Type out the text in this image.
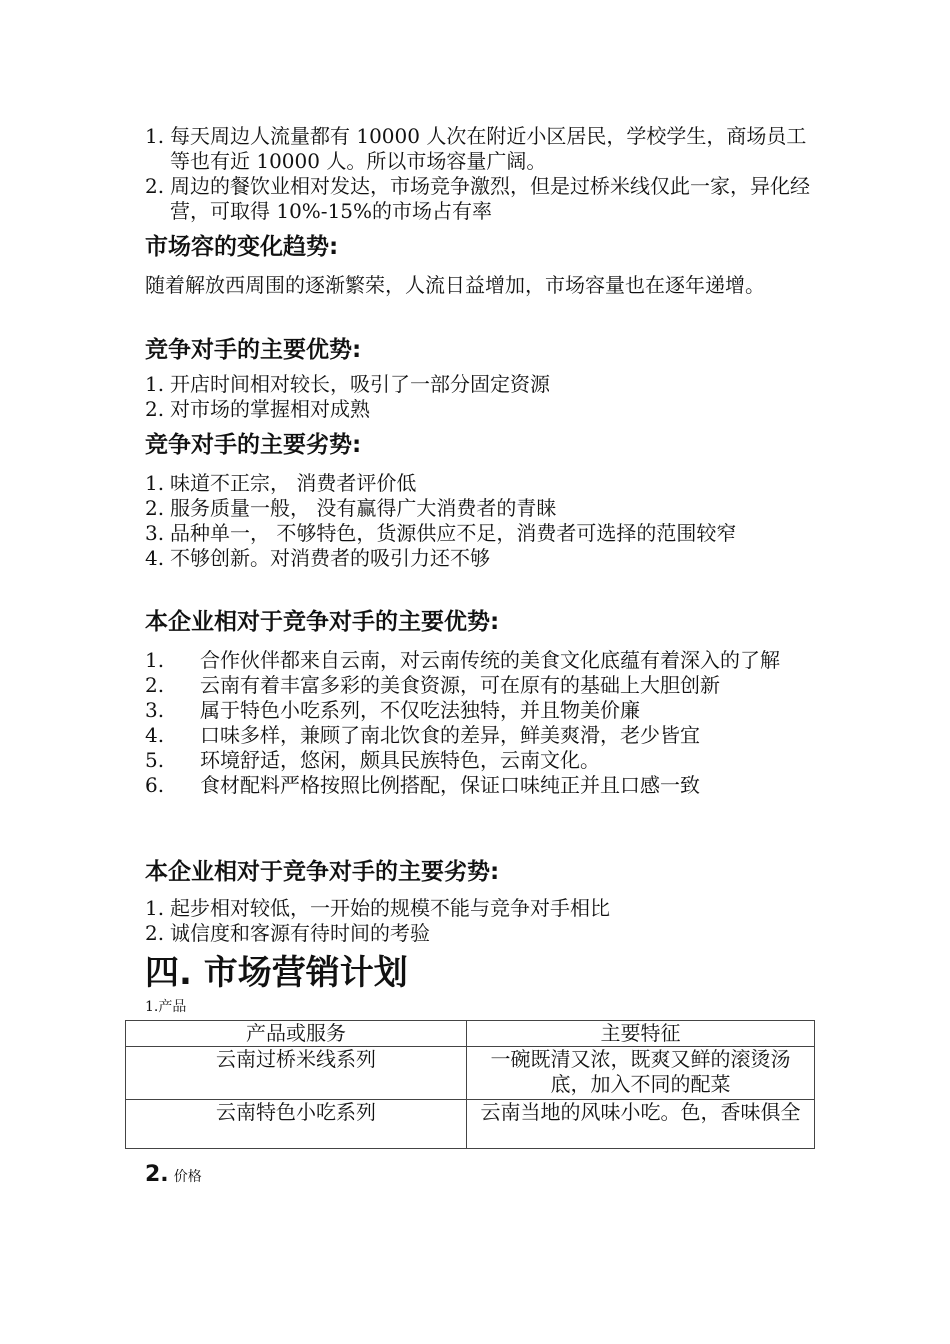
1. 每天周边人流量都有 10000 人次在附近小区居民，学校学生，商场员工等也有近 10000 人。所以市场容量广阔。
2. 周边的餐饮业相对发达，市场竞争激烈，但是过桥米线仅此一家，异化经营，可取得 10%-15%的市场占有率

市场容的变化趋势:

随着解放西周围的逐渐繁荣，人流日益增加，市场容量也在逐年递增。

竞争对手的主要优势:

1. 开店时间相对较长，吸引了一部分固定资源
2. 对市场的掌握相对成熟

竞争对手的主要劣势:

1. 味道不正宗， 消费者评价低
2. 服务质量一般， 没有赢得广大消费者的青睐
3. 品种单一， 不够特色，货源供应不足，消费者可选择的范围较窄
4. 不够创新。对消费者的吸引力还不够

本企业相对于竞争对手的主要优势:

1.	合作伙伴都来自云南，对云南传统的美食文化底蕴有着深入的了解
2.	云南有着丰富多彩的美食资源，可在原有的基础上大胆创新
3.	属于特色小吃系列，不仅吃法独特，并且物美价廉
4.	口味多样，兼顾了南北饮食的差异，鲜美爽滑，老少皆宜
5.	环境舒适，悠闲，颇具民族特色，云南文化。
6.	食材配料严格按照比例搭配，保证口味纯正并且口感一致

本企业相对于竞争对手的主要劣势:

1. 起步相对较低，一开始的规模不能与竞争对手相比
2. 诚信度和客源有待时间的考验
四. 市场营销计划
1.产品
产品或服务	主要特征
云南过桥米线系列	一碗既清又浓，既爽又鲜的滚烫汤底，加入不同的配菜
云南特色小吃系列	云南当地的风味小吃。色，香味俱全
2. 价格
